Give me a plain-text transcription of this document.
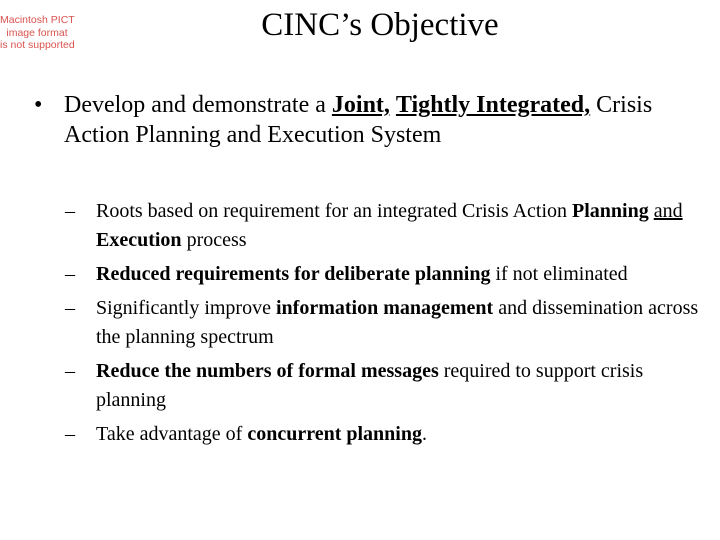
Macintosh PICT
image format
is not supported
CINC’s Objective
• Develop and demonstrate a Joint, Tightly Integrated, Crisis Action Planning and Execution System
– Roots based on requirement for an integrated Crisis Action Planning and Execution process
– Reduced requirements for deliberate planning if not eliminated
– Significantly improve information management and dissemination across the planning spectrum
– Reduce the numbers of formal messages required to support crisis planning
– Take advantage of concurrent planning.
